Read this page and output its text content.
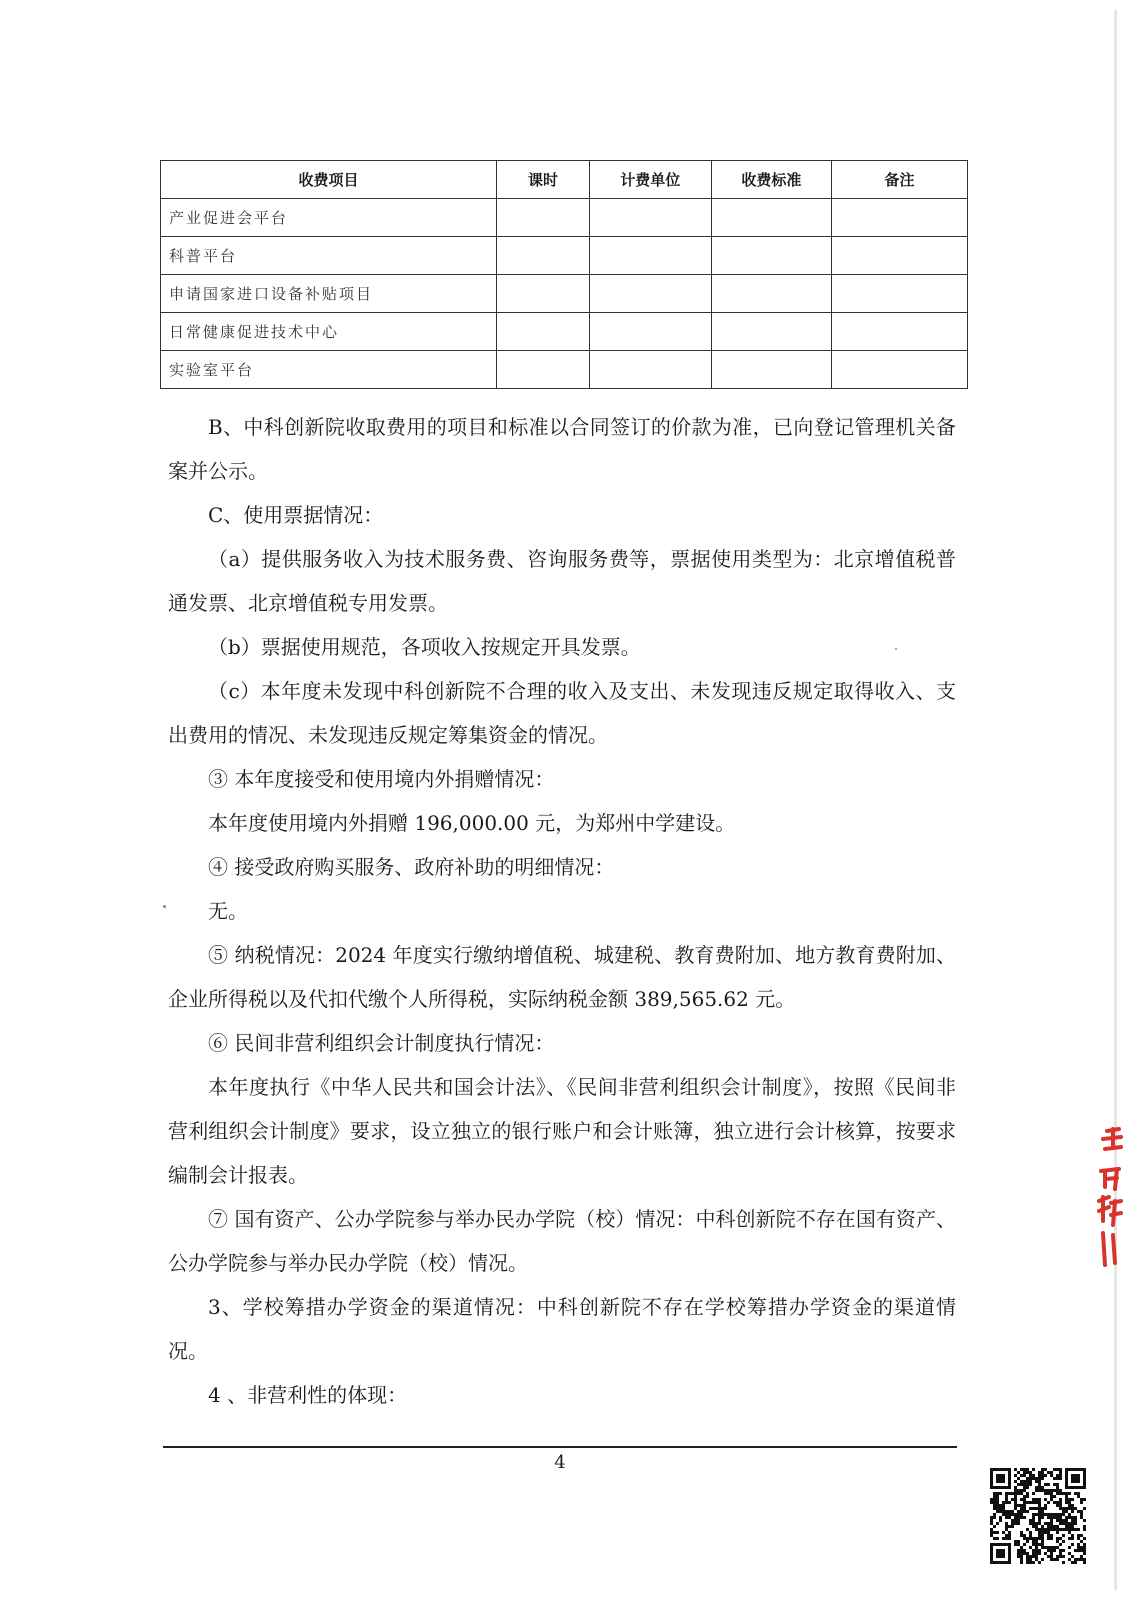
收费项目	课时	计费单位	收费标准	备注
产业促进会平台				
科普平台				
申请国家进口设备补贴项目				
日常健康促进技术中心				
实验室平台				

B、中科创新院收取费用的项目和标准以合同签订的价款为准，已向登记管理机关备案并公示。

C、使用票据情况：

（a）提供服务收入为技术服务费、咨询服务费等，票据使用类型为：北京增值税普通发票、北京增值税专用发票。

（b）票据使用规范，各项收入按规定开具发票。

（c）本年度未发现中科创新院不合理的收入及支出、未发现违反规定取得收入、支出费用的情况、未发现违反规定筹集资金的情况。

③ 本年度接受和使用境内外捐赠情况：

本年度使用境内外捐赠 196,000.00 元，为郑州中学建设。

④ 接受政府购买服务、政府补助的明细情况：

无。

⑤ 纳税情况：2024 年度实行缴纳增值税、城建税、教育费附加、地方教育费附加、企业所得税以及代扣代缴个人所得税，实际纳税金额 389,565.62 元。

⑥ 民间非营利组织会计制度执行情况：

本年度执行《中华人民共和国会计法》、《民间非营利组织会计制度》，按照《民间非营利组织会计制度》要求，设立独立的银行账户和会计账簿，独立进行会计核算，按要求编制会计报表。

⑦ 国有资产、公办学院参与举办民办学院（校）情况：中科创新院不存在国有资产、公办学院参与举办民办学院（校）情况。

3、学校筹措办学资金的渠道情况：中科创新院不存在学校筹措办学资金的渠道情况。

4 、非营利性的体现：

4
